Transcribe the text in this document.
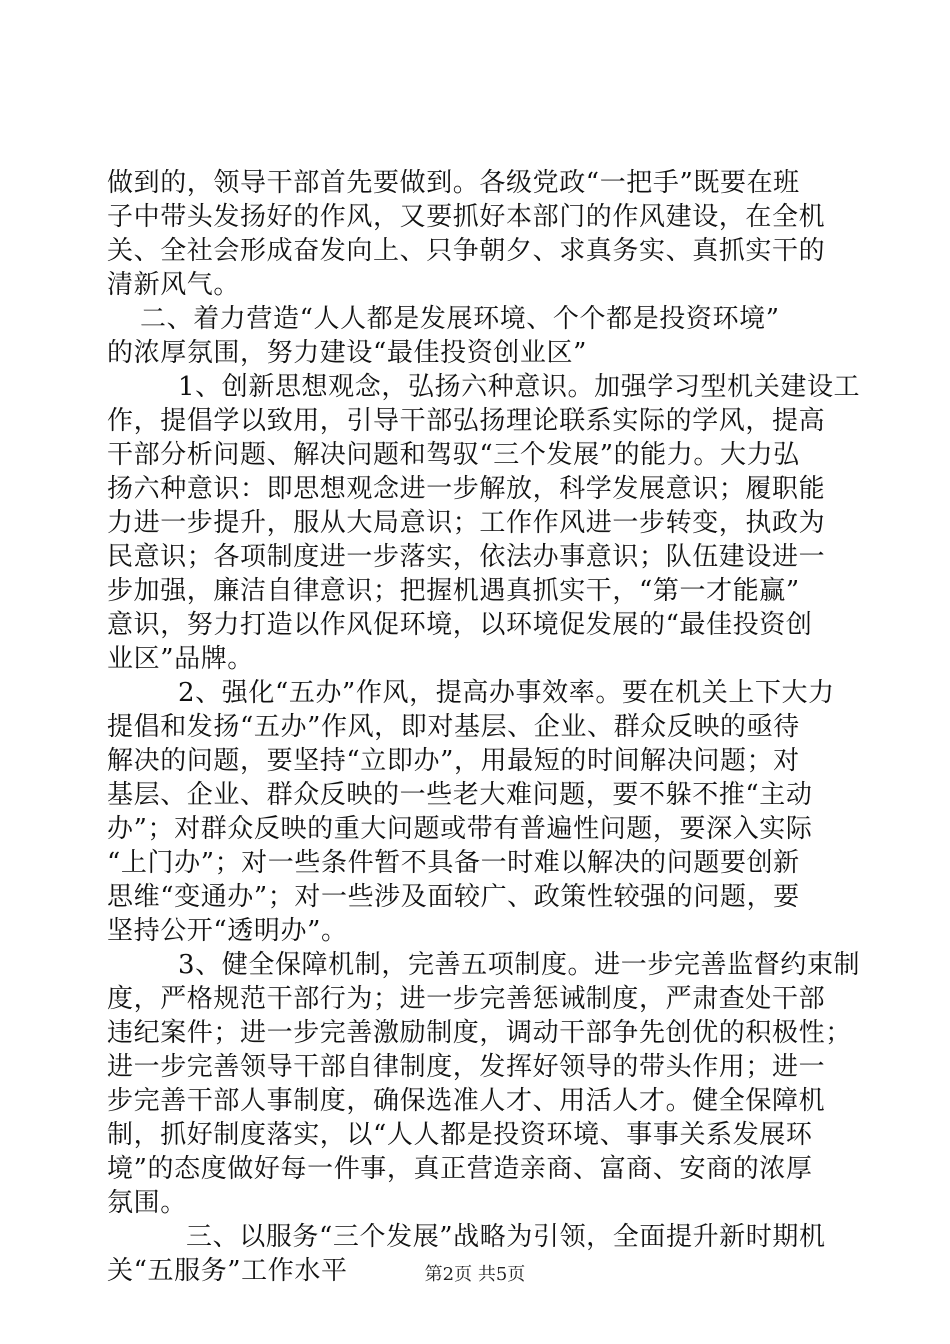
做到的，领导干部首先要做到。各级党政“一把手”既要在班
子中带头发扬好的作风，又要抓好本部门的作风建设，在全机
关、全社会形成奋发向上、只争朝夕、求真务实、真抓实干的
清新风气。
二、着力营造“人人都是发展环境、个个都是投资环境”
的浓厚氛围，努力建设“最佳投资创业区”
1、创新思想观念，弘扬六种意识。加强学习型机关建设工
作，提倡学以致用，引导干部弘扬理论联系实际的学风，提高
干部分析问题、解决问题和驾驭“三个发展”的能力。大力弘
扬六种意识：即思想观念进一步解放，科学发展意识；履职能
力进一步提升，服从大局意识；工作作风进一步转变，执政为
民意识；各项制度进一步落实，依法办事意识；队伍建设进一
步加强，廉洁自律意识；把握机遇真抓实干，“第一才能赢”
意识，努力打造以作风促环境，以环境促发展的“最佳投资创
业区”品牌。
2、强化“五办”作风，提高办事效率。要在机关上下大力
提倡和发扬“五办”作风，即对基层、企业、群众反映的亟待
解决的问题，要坚持“立即办”，用最短的时间解决问题；对
基层、企业、群众反映的一些老大难问题，要不躲不推“主动
办”；对群众反映的重大问题或带有普遍性问题，要深入实际
“上门办”；对一些条件暂不具备一时难以解决的问题要创新
思维“变通办”；对一些涉及面较广、政策性较强的问题，要
坚持公开“透明办”。
3、健全保障机制，完善五项制度。进一步完善监督约束制
度，严格规范干部行为；进一步完善惩诫制度，严肃查处干部
违纪案件；进一步完善激励制度，调动干部争先创优的积极性；
进一步完善领导干部自律制度，发挥好领导的带头作用；进一
步完善干部人事制度，确保选准人才、用活人才。健全保障机
制，抓好制度落实，以“人人都是投资环境、事事关系发展环
境”的态度做好每一件事，真正营造亲商、富商、安商的浓厚
氛围。
三、以服务“三个发展”战略为引领，全面提升新时期机
关“五服务”工作水平	第2页 共5页
